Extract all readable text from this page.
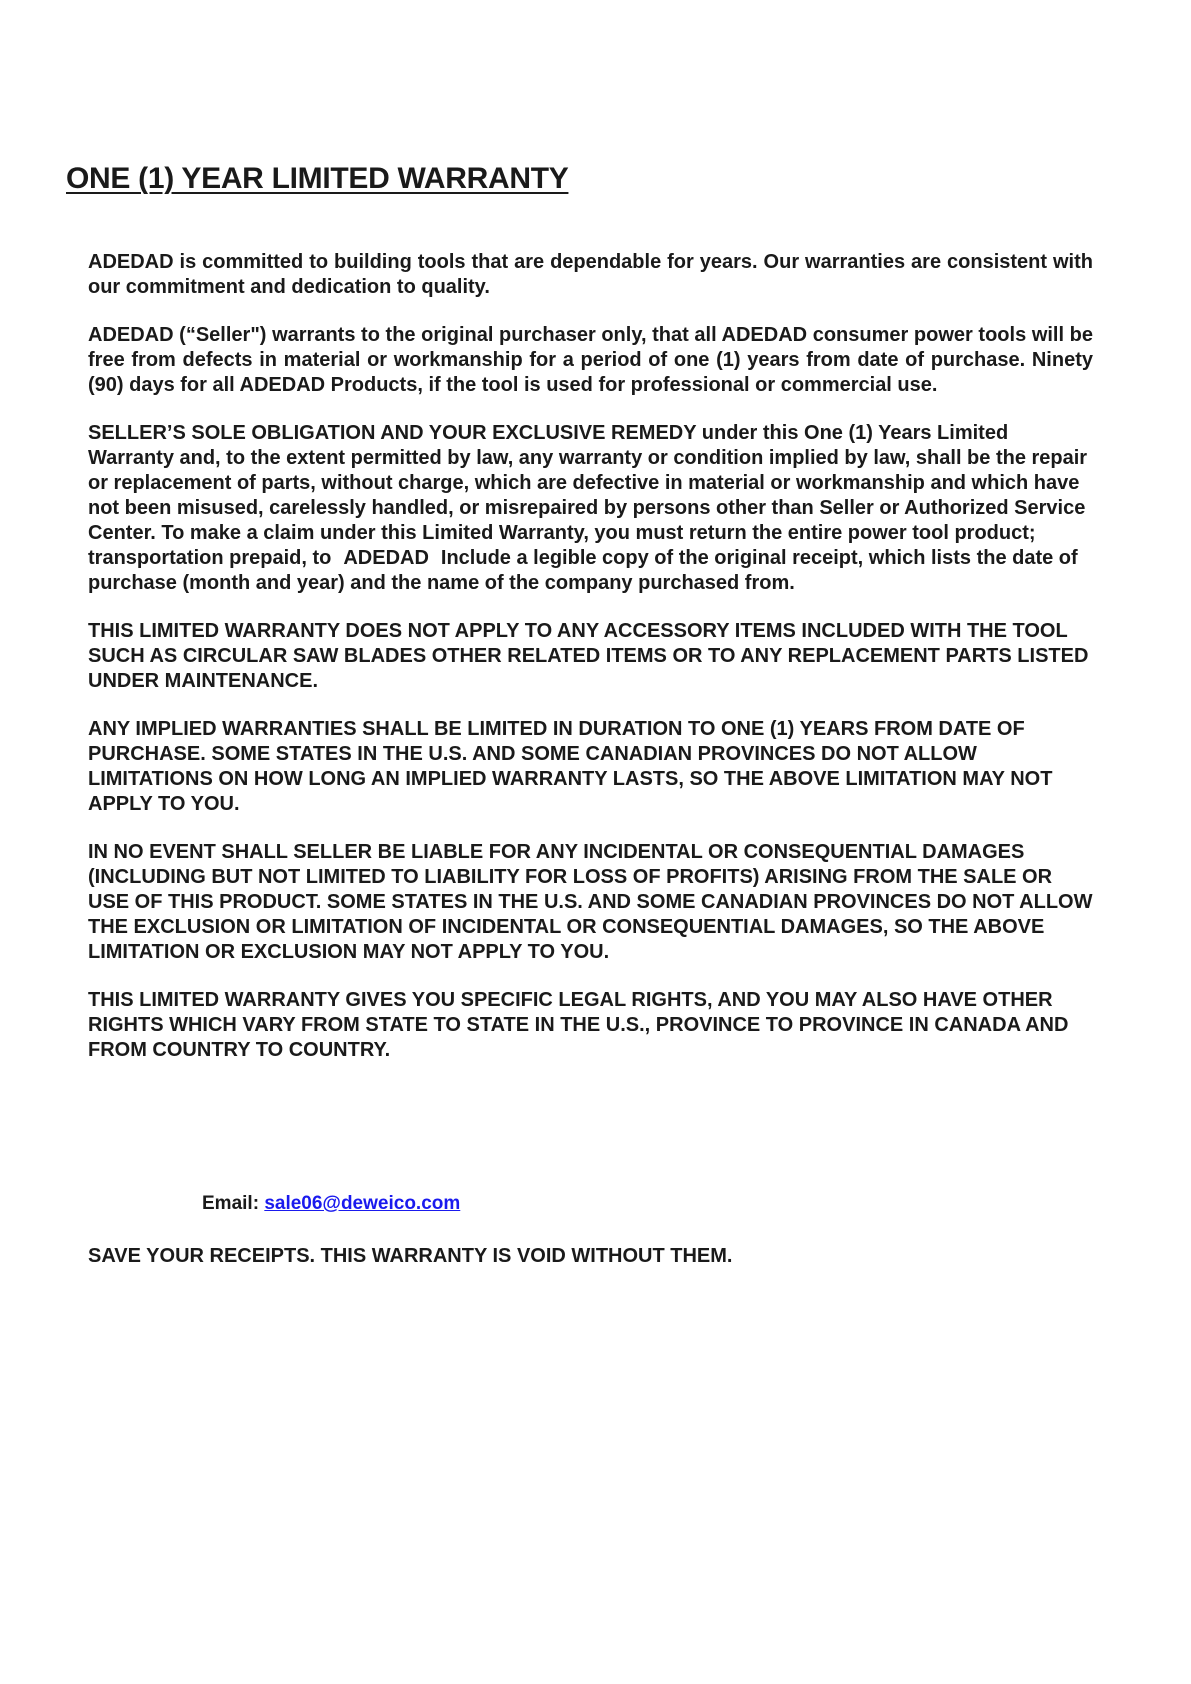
ONE (1) YEAR LIMITED WARRANTY

ADEDAD is committed to building tools that are dependable for years. Our warranties are consistent with our commitment and dedication to quality.

ADEDAD (“Seller") warrants to the original purchaser only, that all ADEDAD consumer power tools will be free from defects in material or workmanship for a period of one (1) years from date of purchase. Ninety (90) days for all ADEDAD Products, if the tool is used for professional or commercial use.

SELLER’S SOLE OBLIGATION AND YOUR EXCLUSIVE REMEDY under this One (1) Years Limited Warranty and, to the extent permitted by law, any warranty or condition implied by law, shall be the repair or replacement of parts, without charge, which are defective in material or workmanship and which have not been misused, carelessly handled, or misrepaired by persons other than Seller or Authorized Service Center. To make a claim under this Limited Warranty, you must return the entire power tool product; transportation prepaid, to ADEDAD Include a legible copy of the original receipt, which lists the date of purchase (month and year) and the name of the company purchased from.

THIS LIMITED WARRANTY DOES NOT APPLY TO ANY ACCESSORY ITEMS INCLUDED WITH THE TOOL SUCH AS CIRCULAR SAW BLADES OTHER RELATED ITEMS OR TO ANY REPLACEMENT PARTS LISTED UNDER MAINTENANCE.

ANY IMPLIED WARRANTIES SHALL BE LIMITED IN DURATION TO ONE (1) YEARS FROM DATE OF PURCHASE. SOME STATES IN THE U.S. AND SOME CANADIAN PROVINCES DO NOT ALLOW LIMITATIONS ON HOW LONG AN IMPLIED WARRANTY LASTS, SO THE ABOVE LIMITATION MAY NOT APPLY TO YOU.

IN NO EVENT SHALL SELLER BE LIABLE FOR ANY INCIDENTAL OR CONSEQUENTIAL DAMAGES (INCLUDING BUT NOT LIMITED TO LIABILITY FOR LOSS OF PROFITS) ARISING FROM THE SALE OR USE OF THIS PRODUCT. SOME STATES IN THE U.S. AND SOME CANADIAN PROVINCES DO NOT ALLOW THE EXCLUSION OR LIMITATION OF INCIDENTAL OR CONSEQUENTIAL DAMAGES, SO THE ABOVE LIMITATION OR EXCLUSION MAY NOT APPLY TO YOU.

THIS LIMITED WARRANTY GIVES YOU SPECIFIC LEGAL RIGHTS, AND YOU MAY ALSO HAVE OTHER RIGHTS WHICH VARY FROM STATE TO STATE IN THE U.S., PROVINCE TO PROVINCE IN CANADA AND FROM COUNTRY TO COUNTRY.

Email: sale06@deweico.com
SAVE YOUR RECEIPTS. THIS WARRANTY IS VOID WITHOUT THEM.
